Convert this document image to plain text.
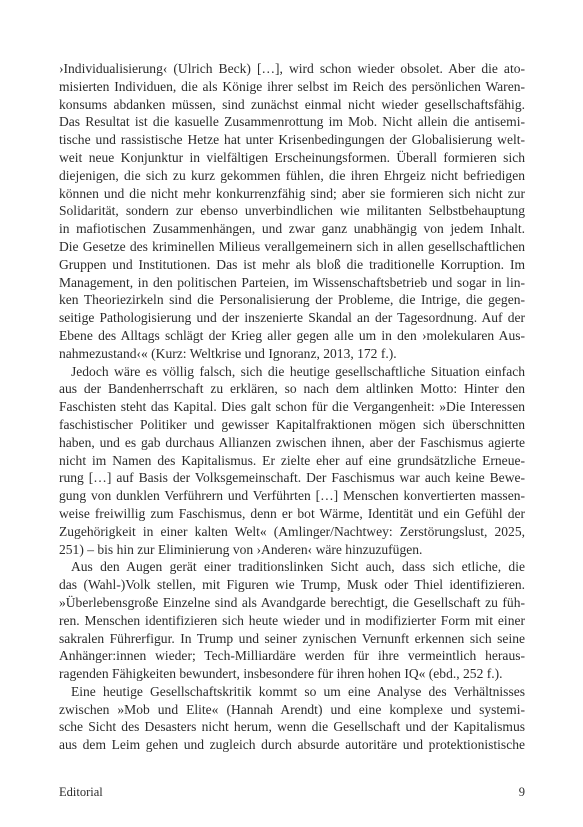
›Individualisierung‹ (Ulrich Beck) […], wird schon wieder obsolet. Aber die ato-
misierten Individuen, die als Könige ihrer selbst im Reich des persönlichen Waren-
konsums abdanken müssen, sind zunächst einmal nicht wieder gesellschaftsfähig.
Das Resultat ist die kasuelle Zusammenrottung im Mob. Nicht allein die antisemi-
tische und rassistische Hetze hat unter Krisenbedingungen der Globalisierung welt-
weit neue Konjunktur in vielfältigen Erscheinungsformen. Überall formieren sich
diejenigen, die sich zu kurz gekommen fühlen, die ihren Ehrgeiz nicht befriedigen
können und die nicht mehr konkurrenzfähig sind; aber sie formieren sich nicht zur
Solidarität, sondern zur ebenso unverbindlichen wie militanten Selbstbehauptung
in mafiotischen Zusammenhängen, und zwar ganz unabhängig von jedem Inhalt.
Die Gesetze des kriminellen Milieus verallgemeinern sich in allen gesellschaftlichen
Gruppen und Institutionen. Das ist mehr als bloß die traditionelle Korruption. Im
Management, in den politischen Parteien, im Wissenschaftsbetrieb und sogar in lin-
ken Theoriezirkeln sind die Personalisierung der Probleme, die Intrige, die gegen-
seitige Pathologisierung und der inszenierte Skandal an der Tagesordnung. Auf der
Ebene des Alltags schlägt der Krieg aller gegen alle um in den ›molekularen Aus-
nahmezustand‹« (Kurz: Weltkrise und Ignoranz, 2013, 172 f.).
Jedoch wäre es völlig falsch, sich die heutige gesellschaftliche Situation einfach
aus der Bandenherrschaft zu erklären, so nach dem altlinken Motto: Hinter den
Faschisten steht das Kapital. Dies galt schon für die Vergangenheit: »Die Interessen
faschistischer Politiker und gewisser Kapitalfraktionen mögen sich überschnitten
haben, und es gab durchaus Allianzen zwischen ihnen, aber der Faschismus agierte
nicht im Namen des Kapitalismus. Er zielte eher auf eine grundsätzliche Erneue-
rung […] auf Basis der Volksgemeinschaft. Der Faschismus war auch keine Bewe-
gung von dunklen Verführern und Verführten […] Menschen konvertierten massen-
weise freiwillig zum Faschismus, denn er bot Wärme, Identität und ein Gefühl der
Zugehörigkeit in einer kalten Welt« (Amlinger/Nachtwey: Zerstörungslust, 2025,
251) – bis hin zur Eliminierung von ›Anderen‹ wäre hinzuzufügen.
Aus den Augen gerät einer traditionslinken Sicht auch, dass sich etliche, die
das (Wahl-)Volk stellen, mit Figuren wie Trump, Musk oder Thiel identifizieren.
»Überlebensgroße Einzelne sind als Avandgarde berechtigt, die Gesellschaft zu füh-
ren. Menschen identifizieren sich heute wieder und in modifizierter Form mit einer
sakralen Führerfigur. In Trump und seiner zynischen Vernunft erkennen sich seine
Anhänger:innen wieder; Tech-Milliardäre werden für ihre vermeintlich heraus-
ragenden Fähigkeiten bewundert, insbesondere für ihren hohen IQ« (ebd., 252 f.).
Eine heutige Gesellschaftskritik kommt so um eine Analyse des Verhältnisses
zwischen »Mob und Elite« (Hannah Arendt) und eine komplexe und systemi-
sche Sicht des Desasters nicht herum, wenn die Gesellschaft und der Kapitalismus
aus dem Leim gehen und zugleich durch absurde autoritäre und protektionistische
Editorial	9
